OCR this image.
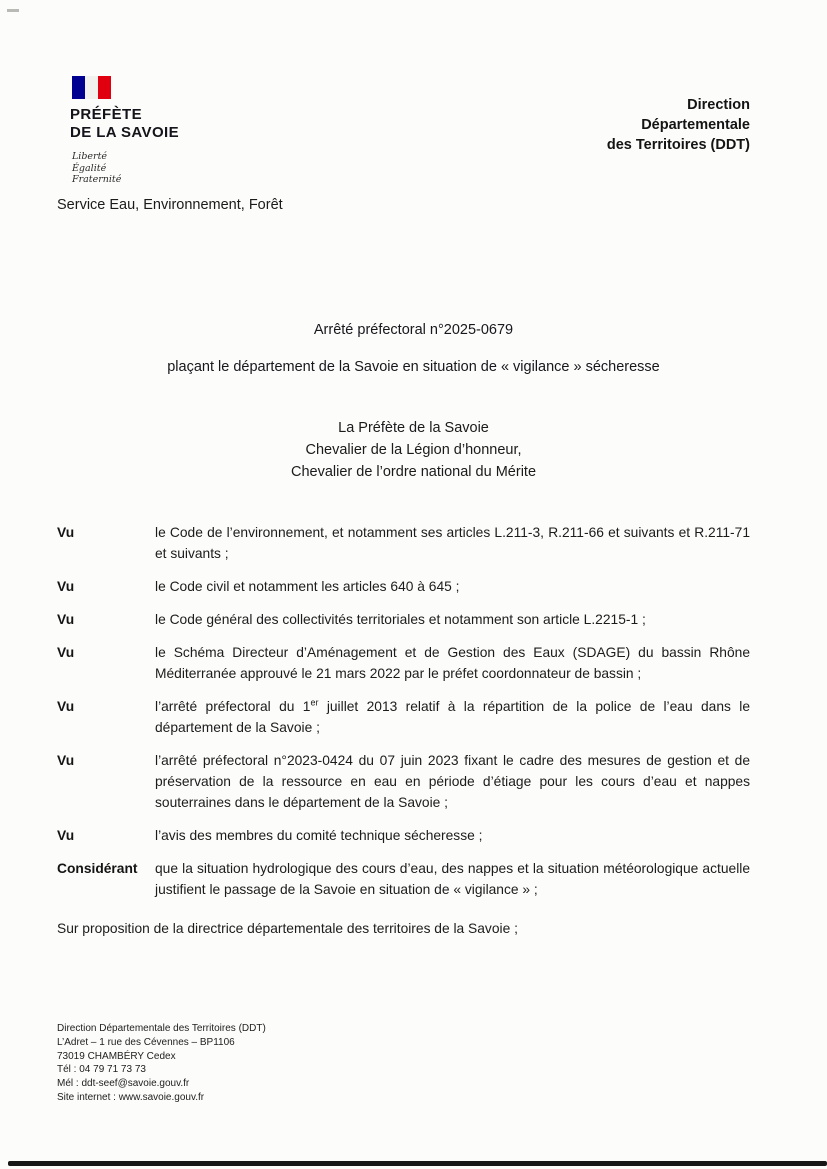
PRÉFÈTE
DE LA SAVOIE
Liberté
Égalité
Fraternité
Direction
Départementale
des Territoires (DDT)
Service Eau, Environnement, Forêt
Arrêté préfectoral n°2025-0679
plaçant le département de la Savoie en situation de « vigilance » sécheresse
La Préfète de la Savoie
Chevalier de la Légion d’honneur,
Chevalier de l’ordre national du Mérite
Vu	le Code de l’environnement, et notamment ses articles L.211-3, R.211-66 et suivants et R.211-71 et suivants ;
Vu	le Code civil et notamment les articles 640 à 645 ;
Vu	le Code général des collectivités territoriales et notamment son article L.2215-1 ;
Vu	le Schéma Directeur d’Aménagement et de Gestion des Eaux (SDAGE) du bassin Rhône Méditerranée approuvé le 21 mars 2022 par le préfet coordonnateur de bassin ;
Vu	l’arrêté préfectoral du 1er juillet 2013 relatif à la répartition de la police de l’eau dans le département de la Savoie ;
Vu	l’arrêté préfectoral n°2023-0424 du 07 juin 2023 fixant le cadre des mesures de gestion et de préservation de la ressource en eau en période d’étiage pour les cours d’eau et nappes souterraines dans le département de la Savoie ;
Vu	l’avis des membres du comité technique sécheresse ;
Considérant	que la situation hydrologique des cours d’eau, des nappes et la situation météorologique actuelle justifient le passage de la Savoie en situation de « vigilance » ;
Sur proposition de la directrice départementale des territoires de la Savoie ;
Direction Départementale des Territoires (DDT)
L’Adret – 1 rue des Cévennes – BP1106
73019 CHAMBÉRY Cedex
Tél : 04 79 71 73 73
Mél : ddt-seef@savoie.gouv.fr
Site internet : www.savoie.gouv.fr
